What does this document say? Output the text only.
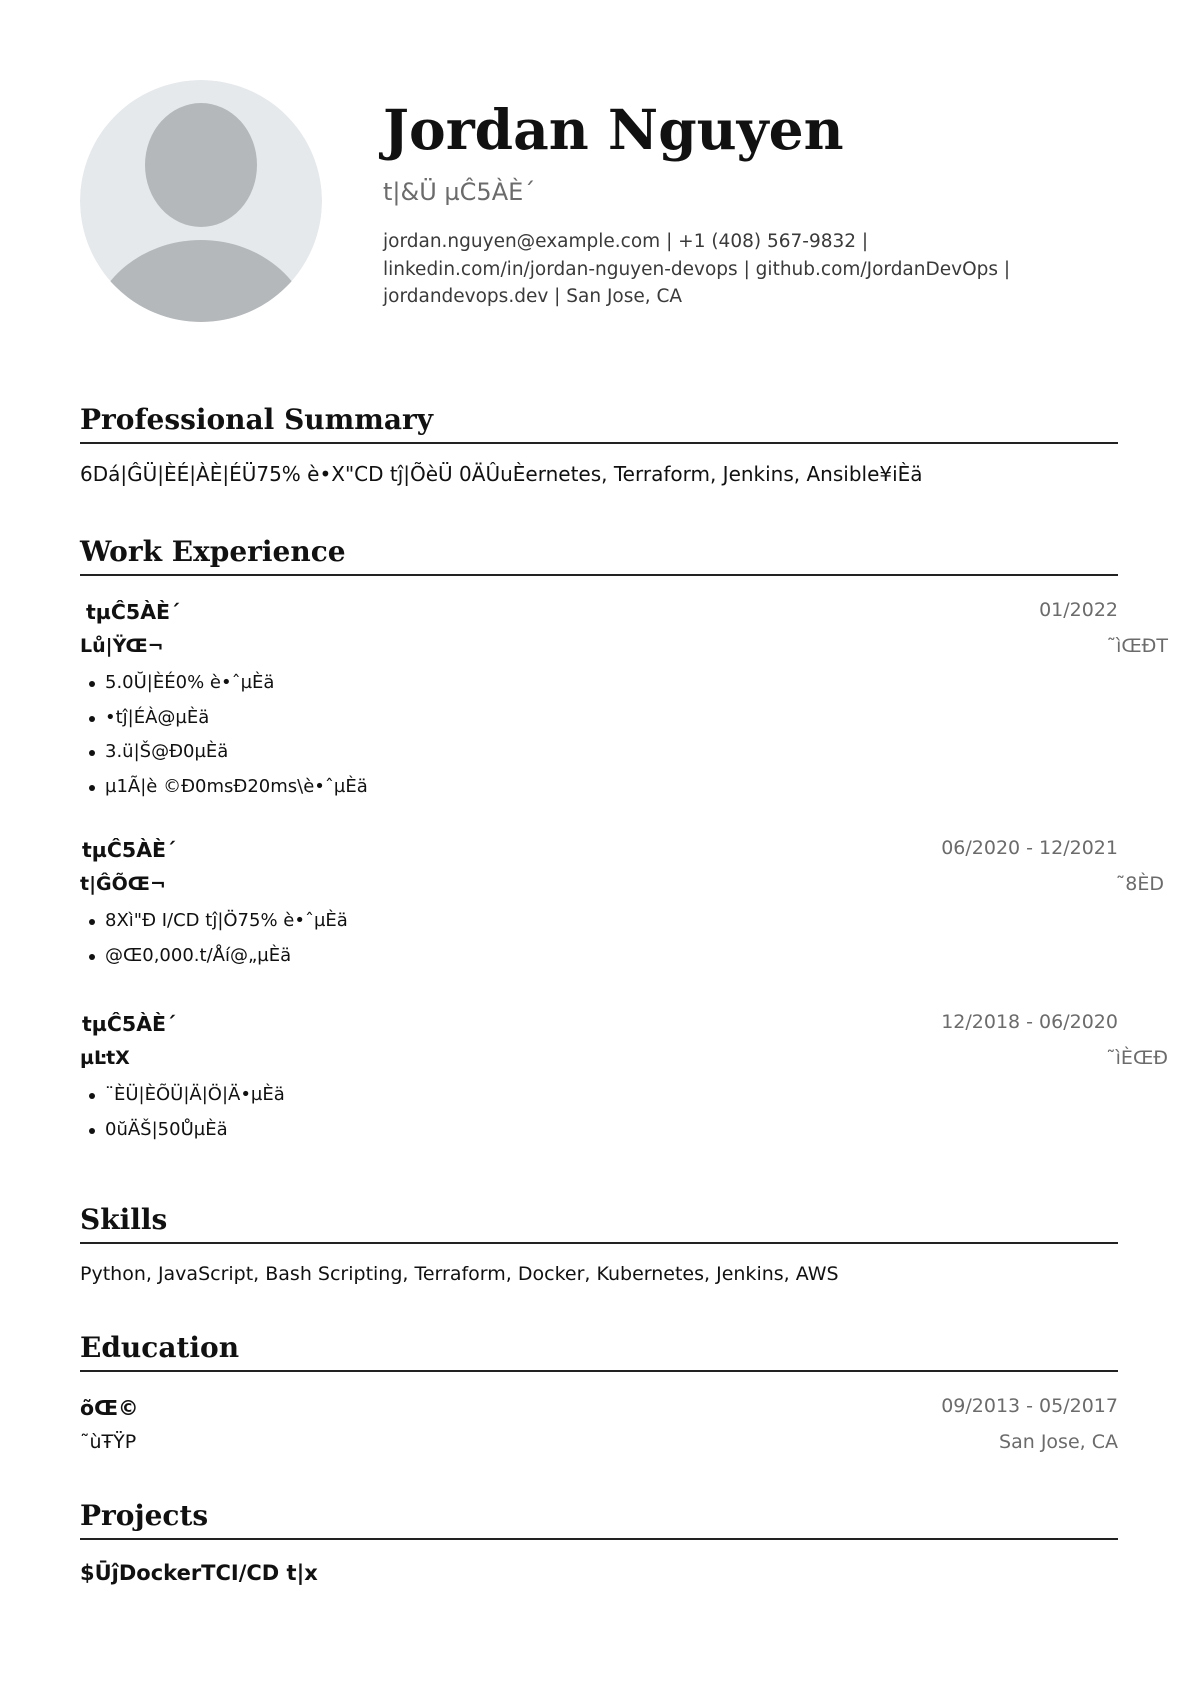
Jordan Nguyen
t|&Ü µĈ5ÀÈ´
jordan.nguyen@example.com | +1 (408) 567-9832 | linkedin.com/in/jordan-nguyen-devops | github.com/JordanDevOps | jordandevops.dev | San Jose, CA
Professional Summary
6Dá|ĜÜ|ÈÉ|ÀÈ|ÉÜ75% è•X"CD tĵ|ÕèÜ 0ÄÛuÈernetes, Terraform, Jenkins, Ansible¥iÈä
Work Experience
tµĈ5ÀÈ´	01/2022
Lů|ŸŒ¬	˜ìŒĐT
5.0Ŭ|ÈÉ0% è•ˆµÈä
•tĵ|ÉÀ@µÈä
3.ü|Š@Đ0µÈä
µ1Ã|è ©Ð0msĐ20ms\è•ˆµÈä
tµĈ5ÀÈ´	06/2020 - 12/2021
t|ĜÕŒ¬	˜8ÈD
8Xì"Đ I/CD tĵ|Ö75% è•ˆµÈä
@Œ0,000.t/Åí@„µÈä
tµĈ5ÀÈ´	12/2018 - 06/2020
µĿtX	˜ìÈŒÐ
¨ÈÜ|ÈÕÜ|Ä|Ö|Ä•µÈä
0ŭÄŠ|50ŮµÈä
Skills
Python, JavaScript, Bash Scripting, Terraform, Docker, Kubernetes, Jenkins, AWS
Education
õŒ©	09/2013 - 05/2017
˜ùŦŸP	San Jose, CA
Projects
$ŪĵDockerTCI/CD t|x
